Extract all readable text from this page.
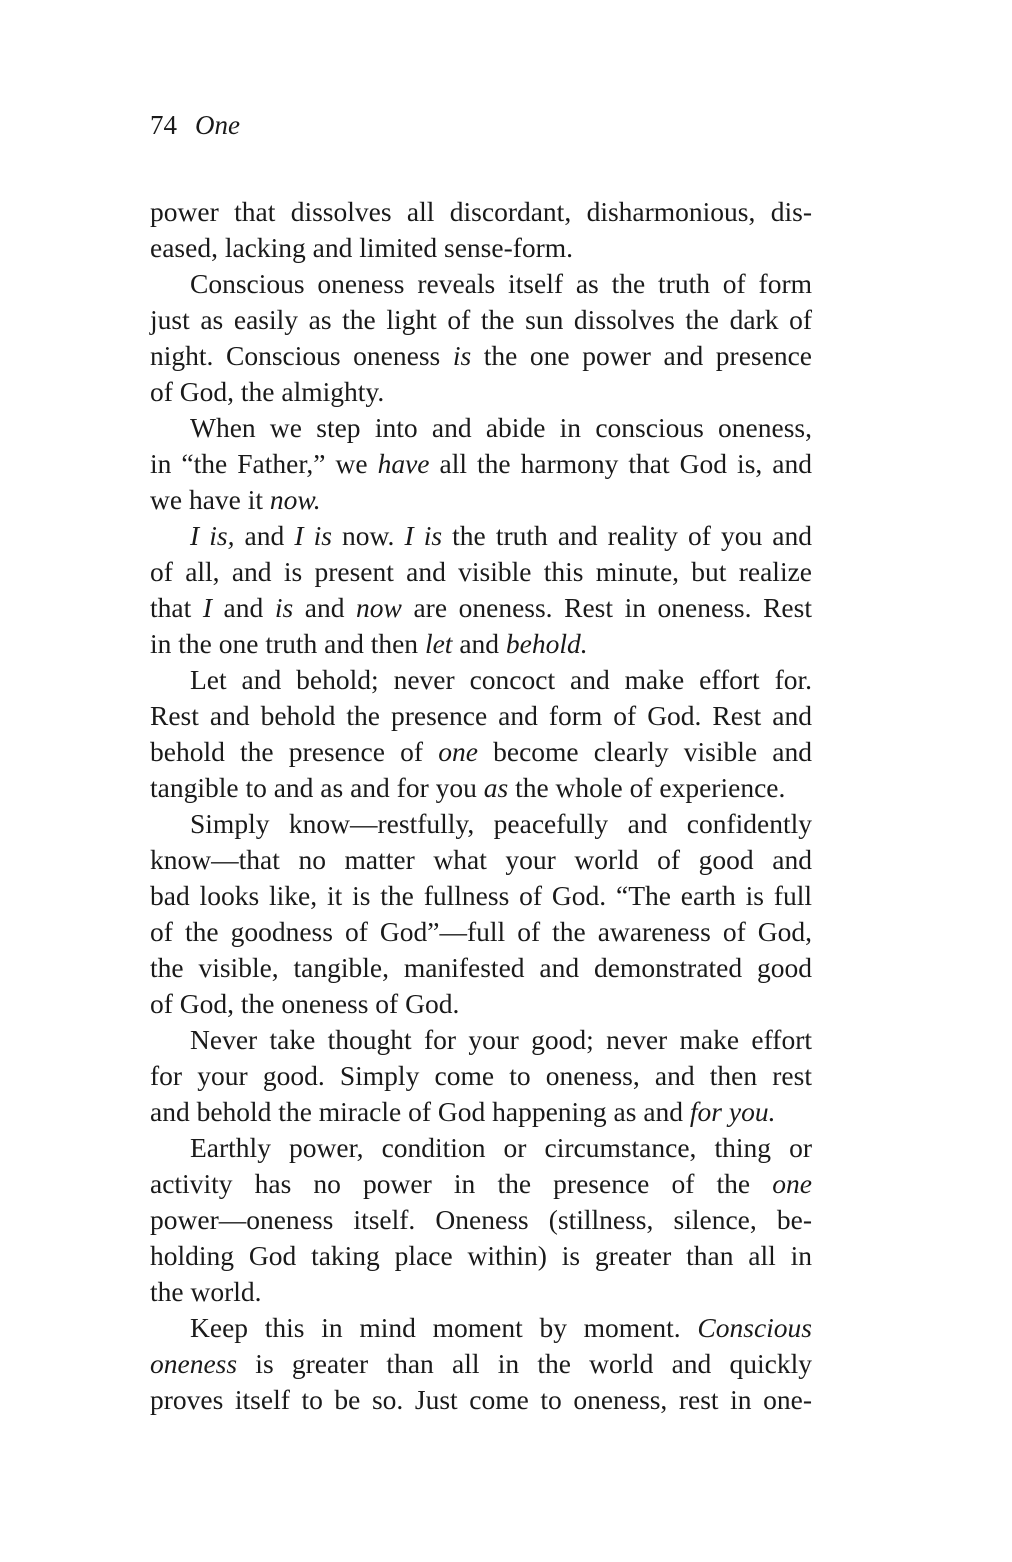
74 One
power that dissolves all discordant, disharmonious, dis-
eased, lacking and limited sense-form.
Conscious oneness reveals itself as the truth of form
just as easily as the light of the sun dissolves the dark of
night. Conscious oneness is the one power and presence
of God, the almighty.
When we step into and abide in conscious oneness,
in “the Father,” we have all the harmony that God is, and
we have it now.
I is, and I is now. I is the truth and reality of you and
of all, and is present and visible this minute, but realize
that I and is and now are oneness. Rest in oneness. Rest
in the one truth and then let and behold.
Let and behold; never concoct and make effort for.
Rest and behold the presence and form of God. Rest and
behold the presence of one become clearly visible and
tangible to and as and for you as the whole of experience.
Simply know—restfully, peacefully and confidently
know—that no matter what your world of good and
bad looks like, it is the fullness of God. “The earth is full
of the goodness of God”—full of the awareness of God,
the visible, tangible, manifested and demonstrated good
of God, the oneness of God.
Never take thought for your good; never make effort
for your good. Simply come to oneness, and then rest
and behold the miracle of God happening as and for you.
Earthly power, condition or circumstance, thing or
activity has no power in the presence of the one
power—oneness itself. Oneness (stillness, silence, be-
holding God taking place within) is greater than all in
the world.
Keep this in mind moment by moment. Conscious
oneness is greater than all in the world and quickly
proves itself to be so. Just come to oneness, rest in one-
